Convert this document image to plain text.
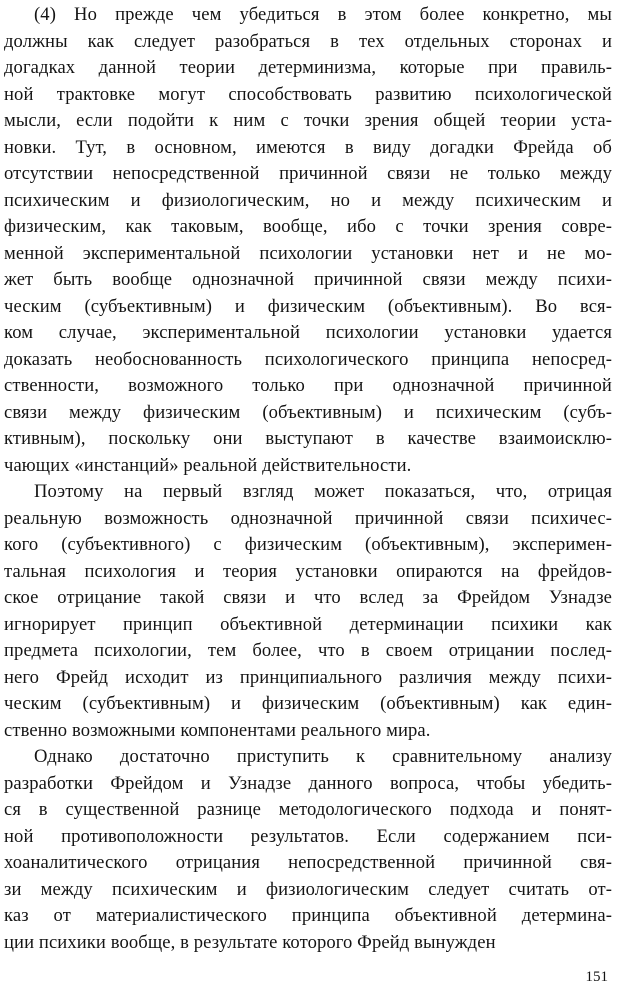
(4) Но прежде чем убедиться в этом более конкретно, мы
должны как следует разобраться в тех отдельных сторонах и
догадках данной теории детерминизма, которые при правиль-
ной трактовке могут способствовать развитию психологической
мысли, если подойти к ним с точки зрения общей теории уста-
новки. Тут, в основном, имеются в виду догадки Фрейда об
отсутствии непосредственной причинной связи не только между
психическим и физиологическим, но и между психическим и
физическим, как таковым, вообще, ибо с точки зрения совре-
менной экспериментальной психологии установки нет и не мо-
жет быть вообще однозначной причинной связи между психи-
ческим (субъективным) и физическим (объективным). Во вся-
ком случае, экспериментальной психологии установки удается
доказать необоснованность психологического принципа непосред-
ственности, возможного только при однозначной причинной
связи между физическим (объективным) и психическим (субъ-
ктивным), поскольку они выступают в качестве взаимоисклю-
чающих «инстанций» реальной действительности.
Поэтому на первый взгляд может показаться, что, отрицая
реальную возможность однозначной причинной связи психичес-
кого (субъективного) с физическим (объективным), эксперимен-
тальная психология и теория установки опираются на фрейдов-
ское отрицание такой связи и что вслед за Фрейдом Узнадзе
игнорирует принцип объективной детерминации психики как
предмета психологии, тем более, что в своем отрицании послед-
него Фрейд исходит из принципиального различия между психи-
ческим (субъективным) и физическим (объективным) как един-
ственно возможными компонентами реального мира.
Однако достаточно приступить к сравнительному анализу
разработки Фрейдом и Узнадзе данного вопроса, чтобы убедить-
ся в существенной разнице методологического подхода и понят-
ной противоположности результатов. Если содержанием пси-
хоаналитического отрицания непосредственной причинной свя-
зи между психическим и физиологическим следует считать от-
каз от материалистического принципа объективной детермина-
ции психики вообще, в результате которого Фрейд вынужден
151
